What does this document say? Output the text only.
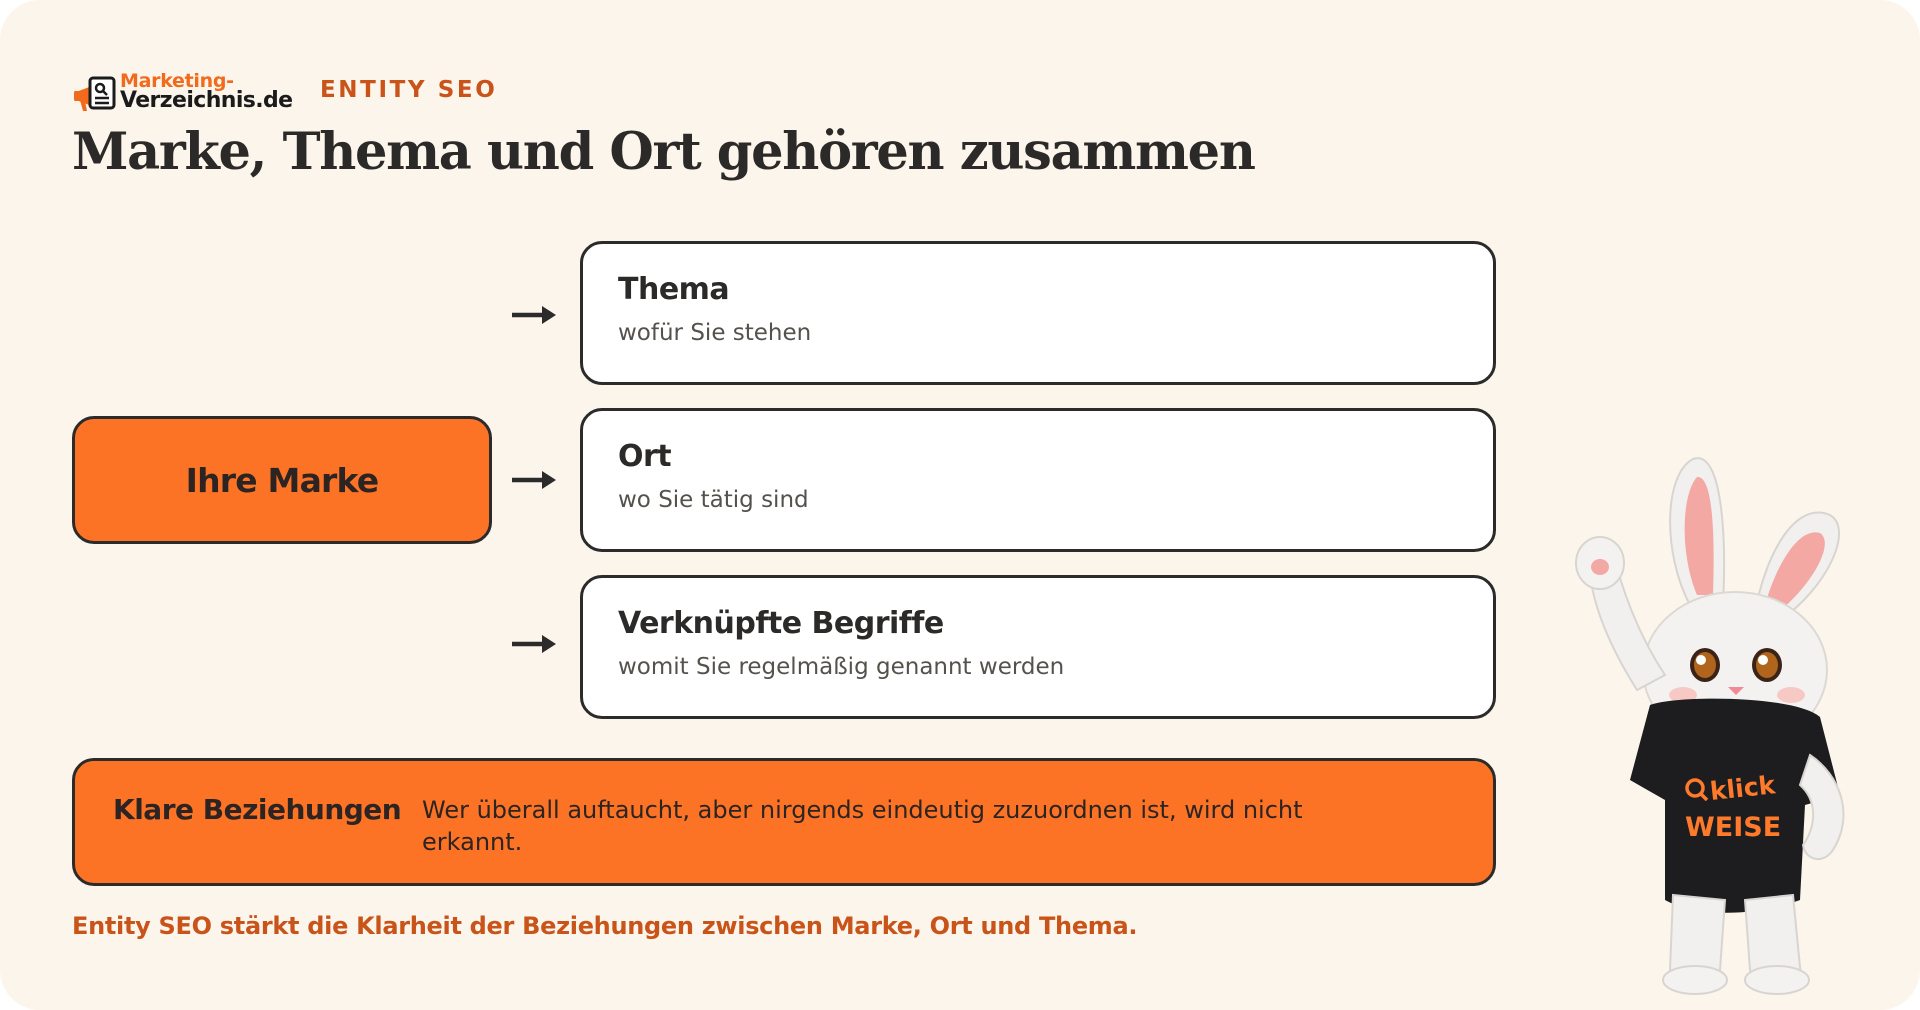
Marketing-
Verzeichnis.de ENTITY SEO
Marke, Thema und Ort gehören zusammen
Ihre Marke
Thema
wofür Sie stehen
Ort
wo Sie tätig sind
Verknüpfte Begriffe
womit Sie regelmäßig genannt werden
Klare Beziehungen Wer überall auftaucht, aber nirgends eindeutig zuzuordnen ist, wird nicht erkannt.
Entity SEO stärkt die Klarheit der Beziehungen zwischen Marke, Ort und Thema.
klick
WEISE
